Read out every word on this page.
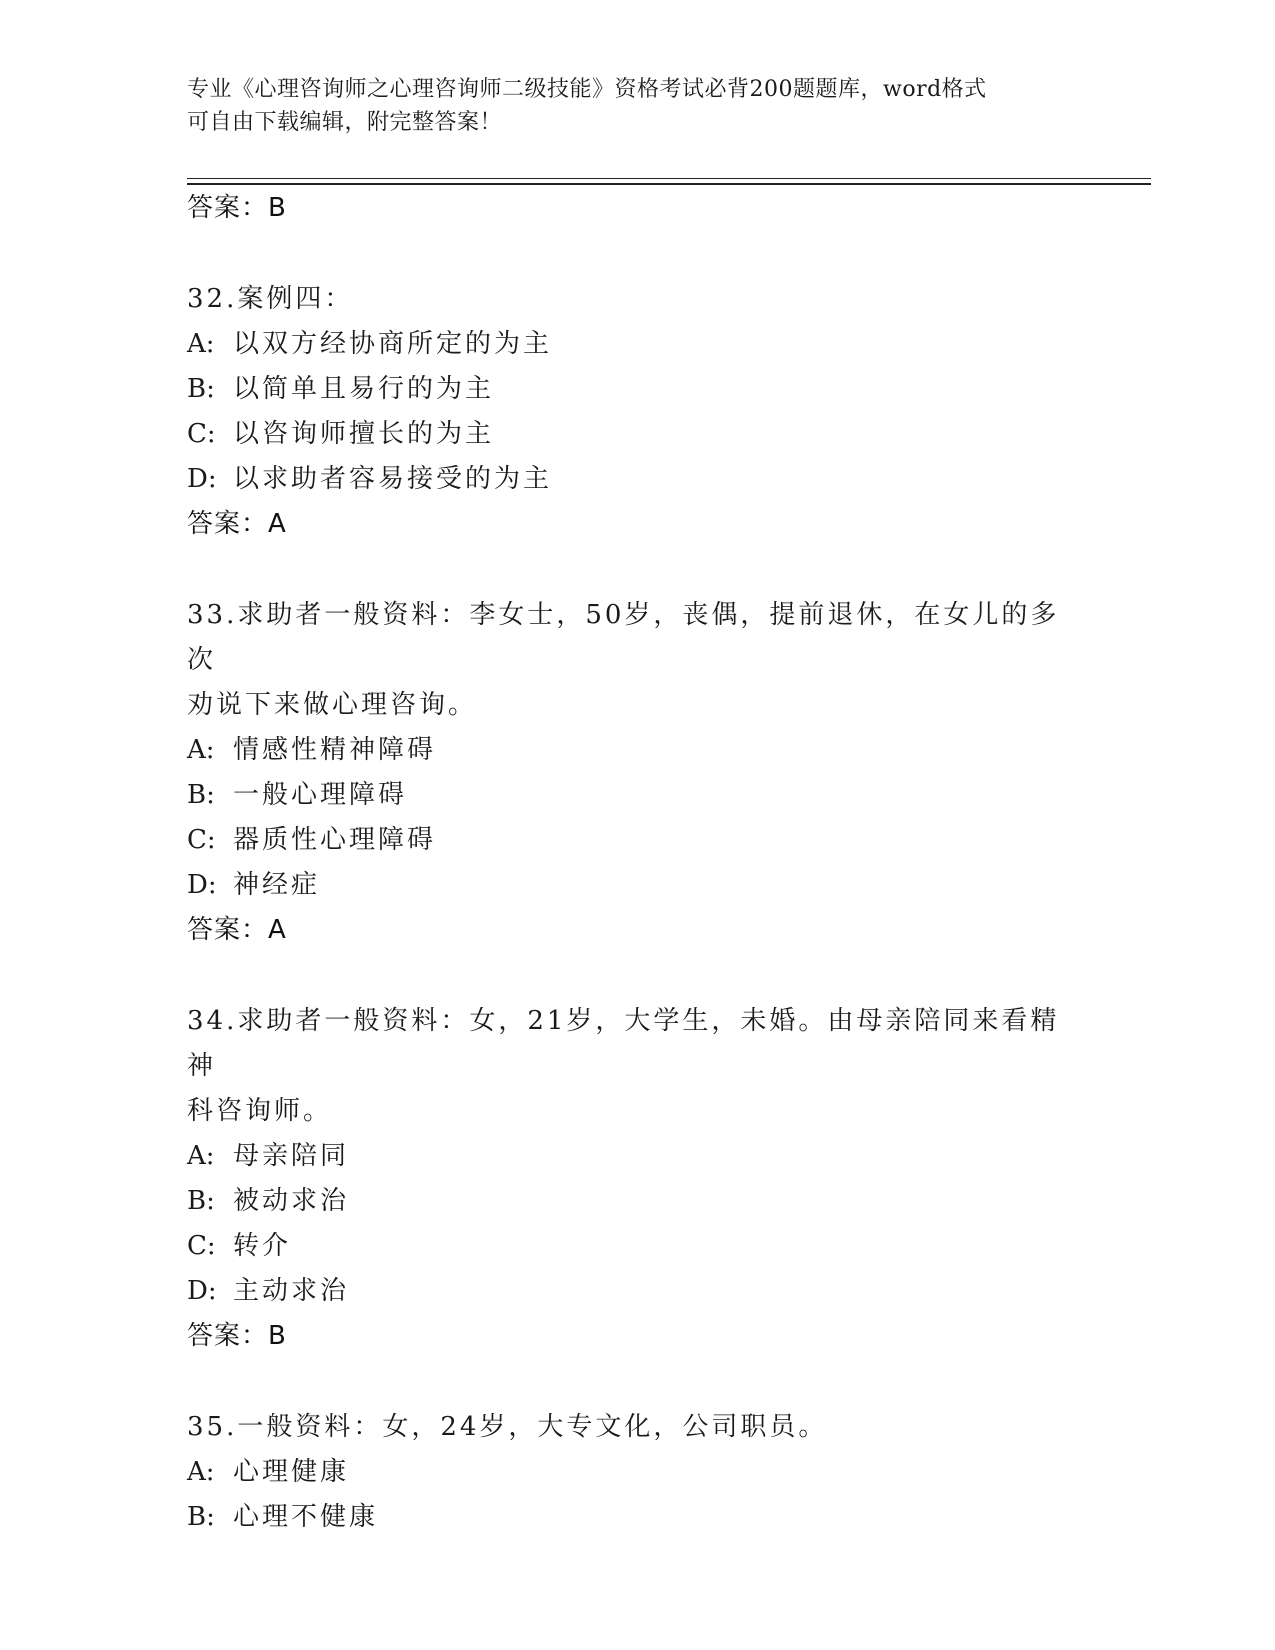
专业《心理咨询师之心理咨询师二级技能》资格考试必背200题题库，word格式
可自由下载编辑，附完整答案！
答案：B
32.案例四：
A: 以双方经协商所定的为主
B: 以简单且易行的为主
C: 以咨询师擅长的为主
D: 以求助者容易接受的为主
答案：A
33.求助者一般资料：李女士，50岁，丧偶，提前退休，在女儿的多次
劝说下来做心理咨询。
A: 情感性精神障碍
B: 一般心理障碍
C: 器质性心理障碍
D: 神经症
答案：A
34.求助者一般资料：女，21岁，大学生，未婚。由母亲陪同来看精神
科咨询师。
A: 母亲陪同
B: 被动求治
C: 转介
D: 主动求治
答案：B
35.一般资料：女，24岁，大专文化，公司职员。
A: 心理健康
B: 心理不健康
